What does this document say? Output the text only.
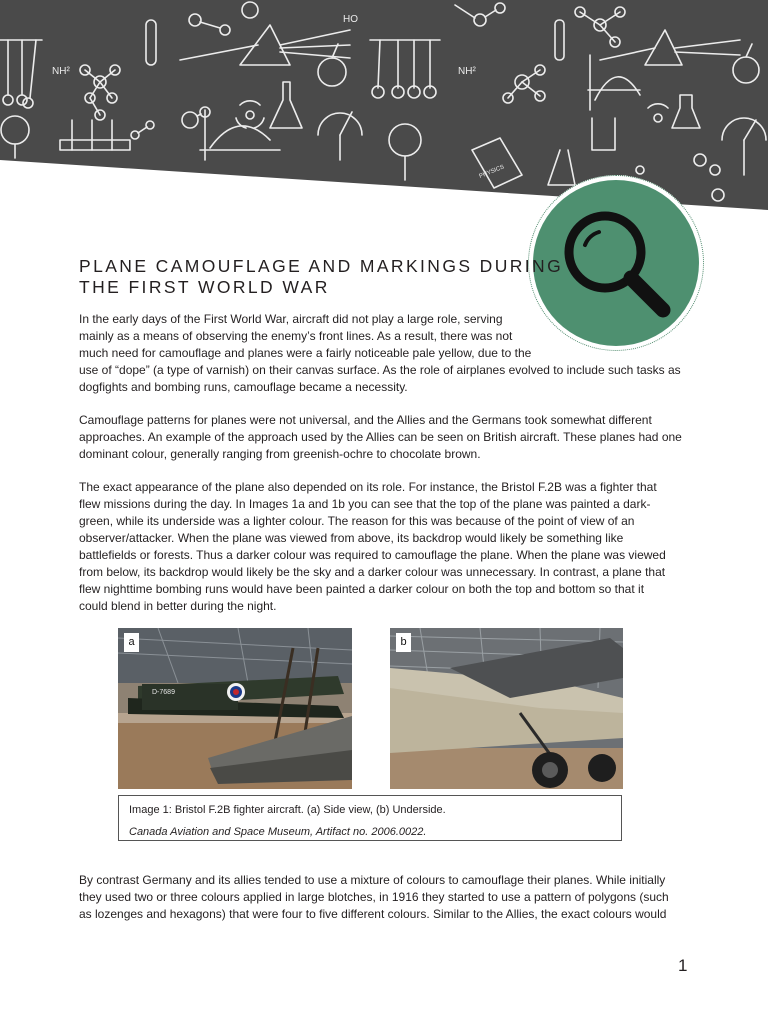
NH²
HO
NH²
PHYSICS
PLANE CAMOUFLAGE AND MARKINGS DURING
THE FIRST WORLD WAR

In the early days of the First World War, aircraft did not play a large role, serving
mainly as a means of observing the enemy’s front lines. As a result, there was not
much need for camouflage and planes were a fairly noticeable pale yellow, due to the
use of “dope” (a type of varnish) on their canvas surface. As the role of airplanes evolved to include such tasks as
dogfights and bombing runs, camouflage became a necessity.

Camouflage patterns for planes were not universal, and the Allies and the Germans took somewhat different
approaches. An example of the approach used by the Allies can be seen on British aircraft. These planes had one
dominant colour, generally ranging from greenish-ochre to chocolate brown.

The exact appearance of the plane also depended on its role. For instance, the Bristol F.2B was a fighter that
flew missions during the day. In Images 1a and 1b you can see that the top of the plane was painted a dark-
green, while its underside was a lighter colour. The reason for this was because of the point of view of an
observer/attacker. When the plane was viewed from above, its backdrop would likely be something like
battlefields or forests. Thus a darker colour was required to camouflage the plane. When the plane was viewed
from below, its backdrop would likely be the sky and a darker colour was unnecessary. In contrast, a plane that
flew nighttime bombing runs would have been painted a darker colour on both the top and bottom so that it
could blend in better during the night.

D-7689
a	b
Image 1: Bristol F.2B fighter aircraft. (a) Side view, (b) Underside.
Canada Aviation and Space Museum, Artifact no. 2006.0022.

By contrast Germany and its allies tended to use a mixture of colours to camouflage their planes. While initially
they used two or three colours applied in large blotches, in 1916 they started to use a pattern of polygons (such
as lozenges and hexagons) that were four to five different colours. Similar to the Allies, the exact colours would

1
